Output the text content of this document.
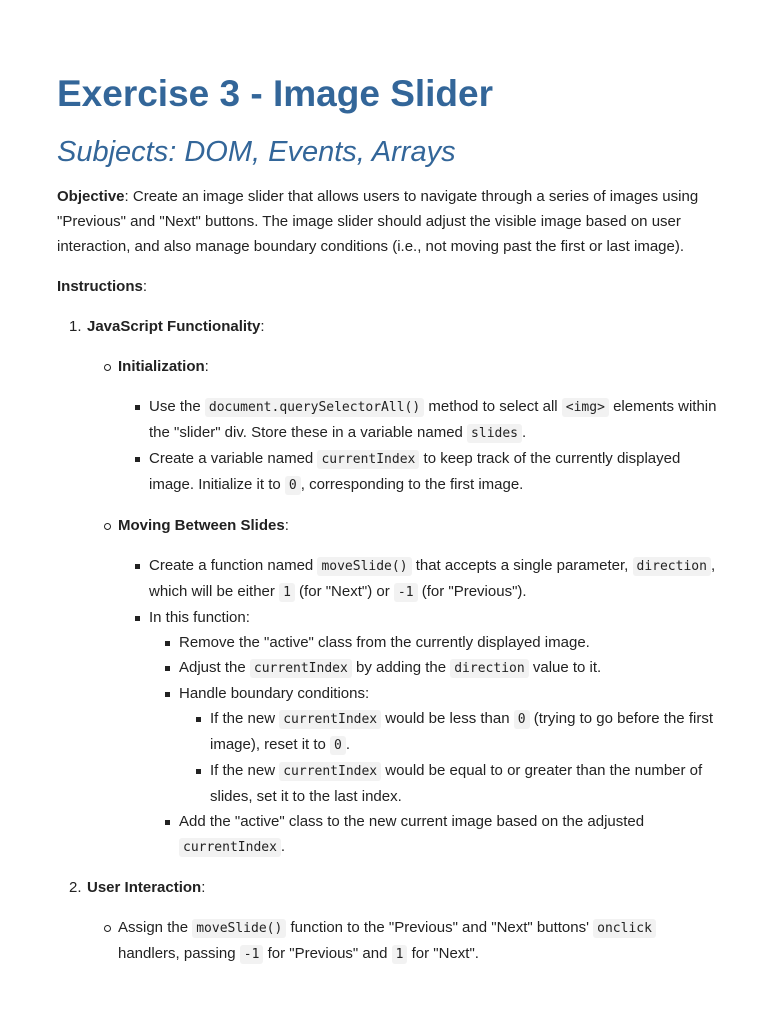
Exercise 3 - Image Slider
Subjects: DOM, Events, Arrays

Objective: Create an image slider that allows users to navigate through a series of images using "Previous" and "Next" buttons. The image slider should adjust the visible image based on user interaction, and also manage boundary conditions (i.e., not moving past the first or last image).

Instructions:

1. JavaScript Functionality:
Initialization:
Use the document.querySelectorAll() method to select all <img> elements within the "slider" div. Store these in a variable named slides .
Create a variable named currentIndex to keep track of the currently displayed image. Initialize it to 0 , corresponding to the first image.
Moving Between Slides:
Create a function named moveSlide() that accepts a single parameter, direction , which will be either 1 (for "Next") or -1 (for "Previous").
In this function:
Remove the "active" class from the currently displayed image.
Adjust the currentIndex by adding the direction value to it.
Handle boundary conditions:
If the new currentIndex would be less than 0 (trying to go before the first image), reset it to 0 .
If the new currentIndex would be equal to or greater than the number of slides, set it to the last index.
Add the "active" class to the new current image based on the adjusted currentIndex .
2. User Interaction:
Assign the moveSlide() function to the "Previous" and "Next" buttons' onclick handlers, passing -1 for "Previous" and 1 for "Next".
